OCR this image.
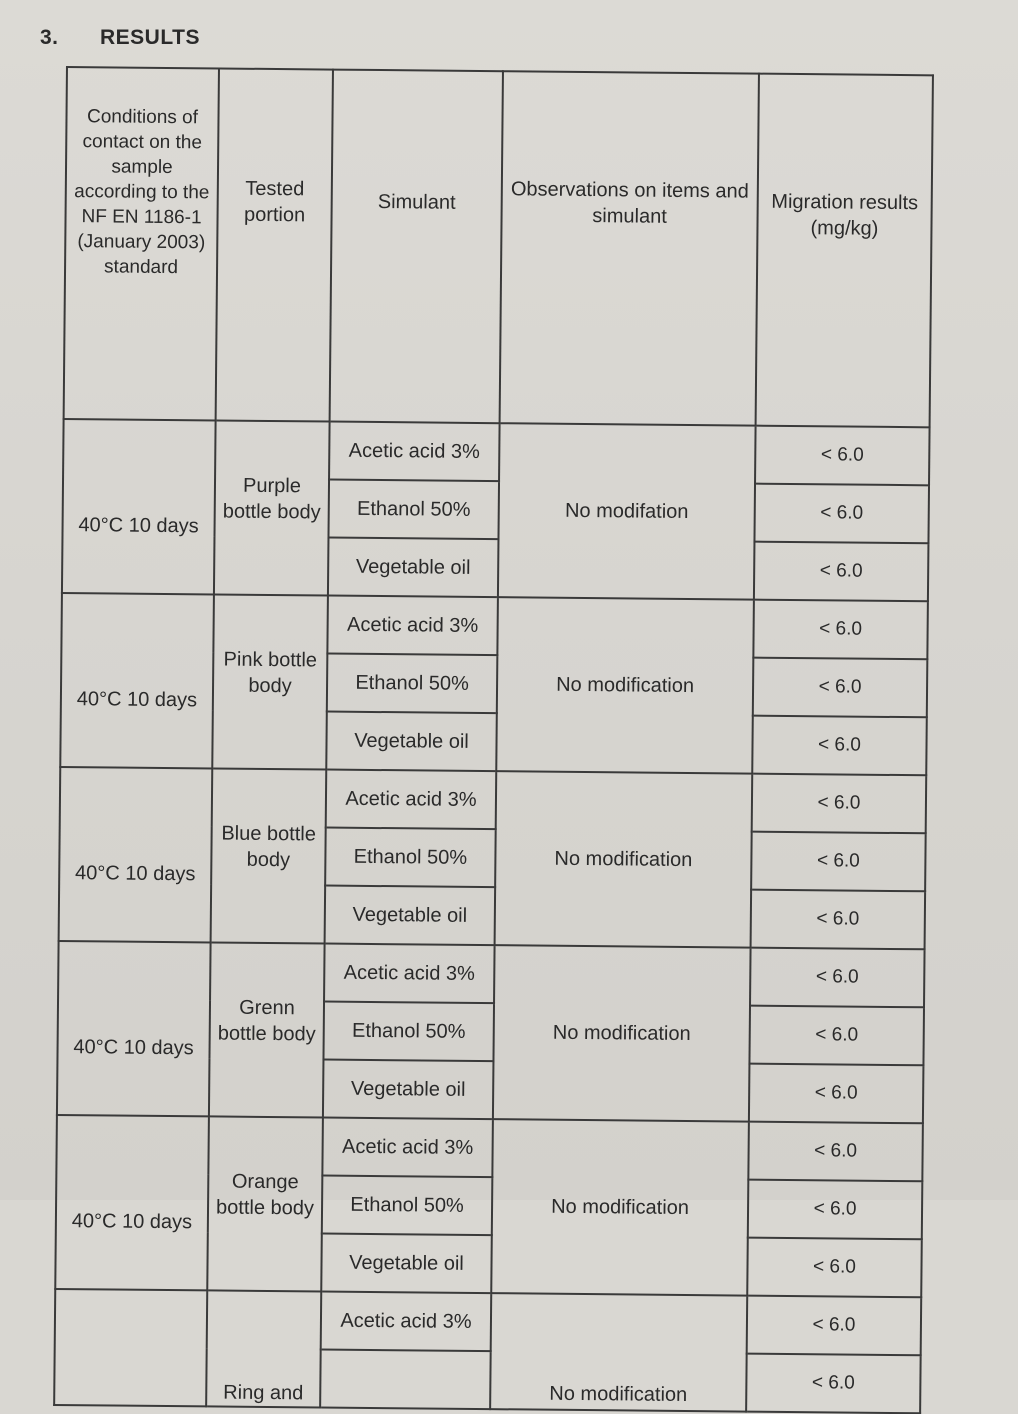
3. RESULTS
Conditions of contact on the sample according to the NF EN 1186-1 (January 2003) standard	Tested portion	Simulant	Observations on items and simulant	Migration results (mg/kg)
40°C 10 days	Purple bottle body	Acetic acid 3%	No modifation	< 6.0
		Ethanol 50%		< 6.0
		Vegetable oil		< 6.0
40°C 10 days	Pink bottle body	Acetic acid 3%	No modification	< 6.0
		Ethanol 50%		< 6.0
		Vegetable oil		< 6.0
40°C 10 days	Blue bottle body	Acetic acid 3%	No modification	< 6.0
		Ethanol 50%		< 6.0
		Vegetable oil		< 6.0
40°C 10 days	Grenn bottle body	Acetic acid 3%	No modification	< 6.0
		Ethanol 50%		< 6.0
		Vegetable oil		< 6.0
40°C 10 days	Orange bottle body	Acetic acid 3%	No modification	< 6.0
		Ethanol 50%		< 6.0
		Vegetable oil		< 6.0
	Ring and	Acetic acid 3%	No modification	< 6.0
				< 6.0
